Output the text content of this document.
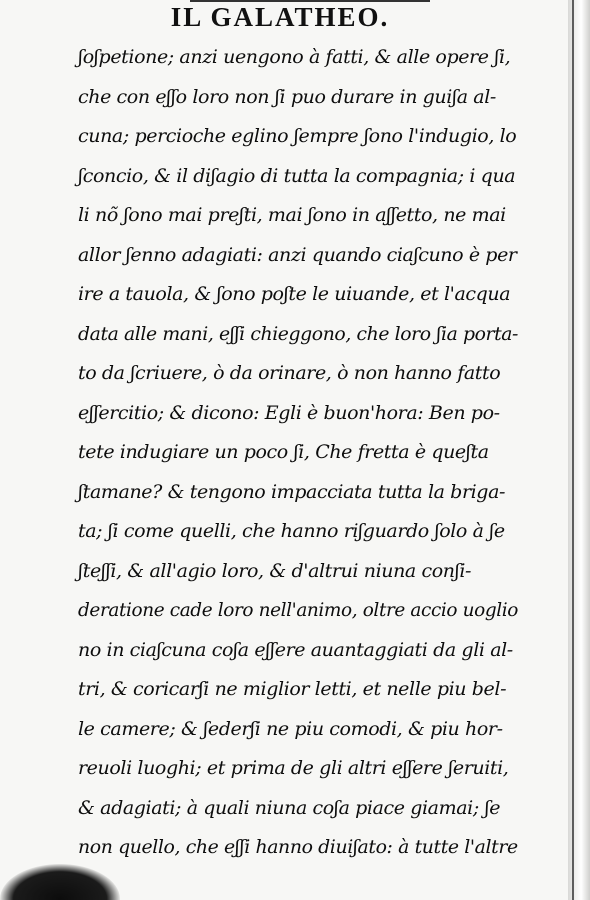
IL GALATHEO.
ʃoʃpetione; anzi uengono à fatti, & alle opere ʃi,
che con eʃʃo loro non ʃi puo durare in guiʃa al-
cuna; percioche eglino ʃempre ʃono l'indugio, lo
ʃconcio, & il diʃagio di tutta la compagnia; i qua
li nõ ʃono mai preʃti, mai ʃono in aʃʃetto, ne mai
allor ʃenno adagiati: anzi quando ciaʃcuno è per
ire a tauola, & ʃono poʃte le uiuande, et l'acqua
data alle mani, eʃʃi chieggono, che loro ʃia porta-
to da ʃcriuere, ò da orinare, ò non hanno fatto
eʃʃercitio; & dicono: Egli è buon'hora: Ben po-
tete indugiare un poco ʃi, Che fretta è queʃta
ʃtamane? & tengono impacciata tutta la briga-
ta; ʃi come quelli, che hanno riʃguardo ʃolo à ʃe
ʃteʃʃi, & all'agio loro, & d'altrui niuna conʃi-
deratione cade loro nell'animo, oltre accio uoglio
no in ciaʃcuna coʃa eʃʃere auantaggiati da gli al-
tri, & coricarʃi ne miglior letti, et nelle piu bel-
le camere; & ʃederʃi ne piu comodi, & piu hor-
reuoli luoghi; et prima de gli altri eʃʃere ʃeruiti,
& adagiati; à quali niuna coʃa piace giamai; ʃe
non quello, che eʃʃi hanno diuiʃato: à tutte l'altre
